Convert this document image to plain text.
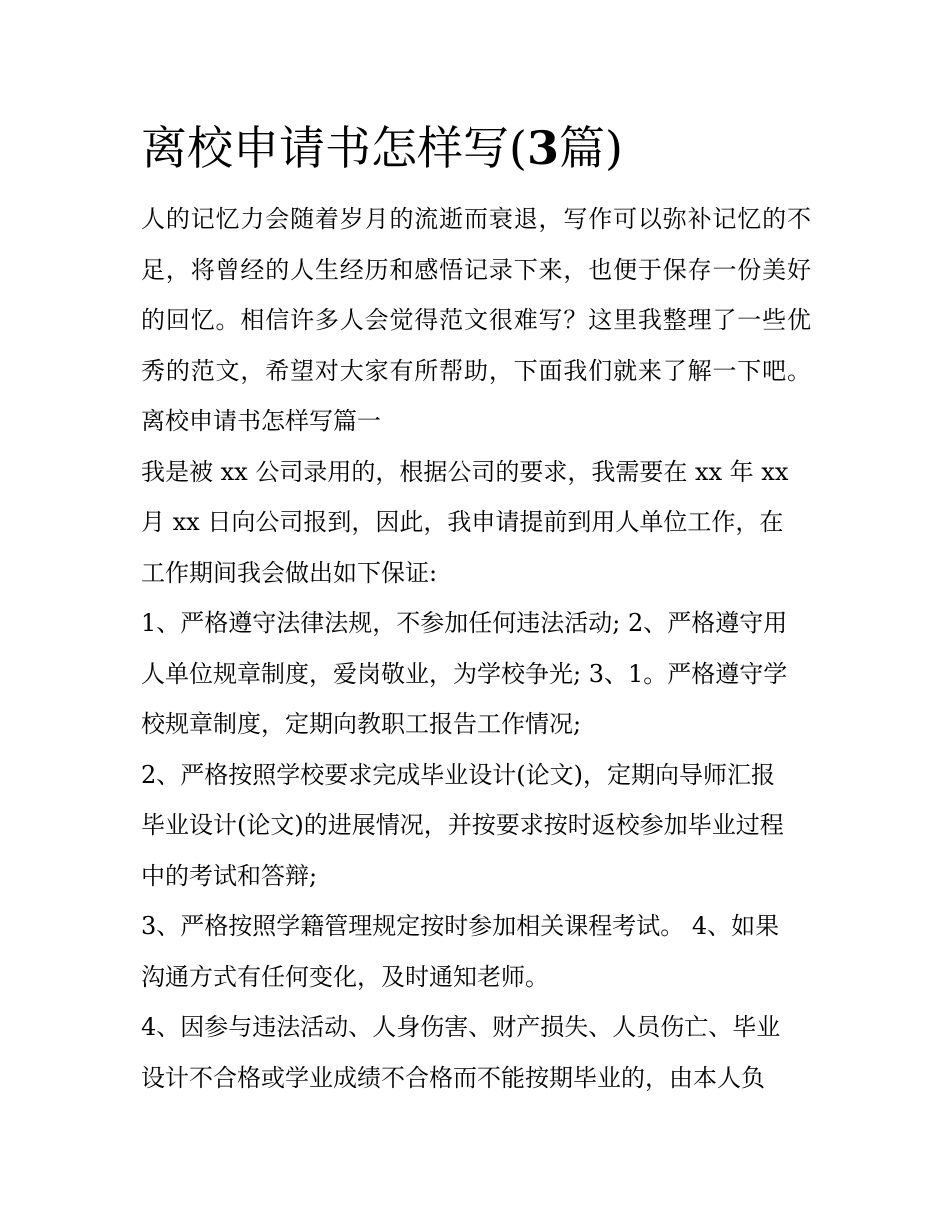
离校申请书怎样写(3篇)

人的记忆力会随着岁月的流逝而衰退，写作可以弥补记忆的不

足，将曾经的人生经历和感悟记录下来，也便于保存一份美好

的回忆。相信许多人会觉得范文很难写？这里我整理了一些优

秀的范文，希望对大家有所帮助，下面我们就来了解一下吧。

离校申请书怎样写篇一

我是被 xx 公司录用的，根据公司的要求，我需要在 xx 年 xx

月 xx 日向公司报到，因此，我申请提前到用人单位工作，在

工作期间我会做出如下保证:

1、严格遵守法律法规，不参加任何违法活动; 2、严格遵守用

人单位规章制度，爱岗敬业，为学校争光; 3、1。严格遵守学

校规章制度，定期向教职工报告工作情况;

2、严格按照学校要求完成毕业设计(论文)，定期向导师汇报

毕业设计(论文)的进展情况，并按要求按时返校参加毕业过程

中的考试和答辩;

3、严格按照学籍管理规定按时参加相关课程考试。 4、如果

沟通方式有任何变化，及时通知老师。

4、因参与违法活动、人身伤害、财产损失、人员伤亡、毕业

设计不合格或学业成绩不合格而不能按期毕业的，由本人负
